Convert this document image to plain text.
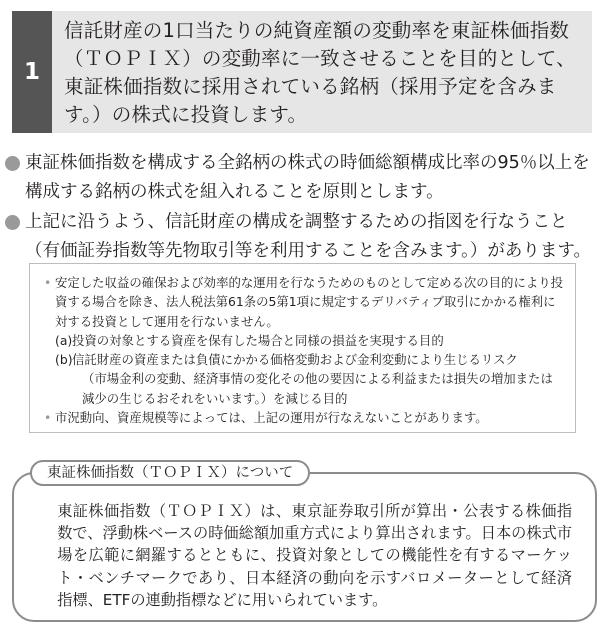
1
信託財産の1口当たりの純資産額の変動率を東証株価指数（ＴＯＰＩＸ）の変動率に一致させることを目的として、東証株価指数に採用されている銘柄（採用予定を含みます。）の株式に投資します。
東証株価指数を構成する全銘柄の株式の時価総額構成比率の95％以上を構成する銘柄の株式を組入れることを原則とします。
上記に沿うよう、信託財産の構成を調整するための指図を行なうこと（有価証券指数等先物取引等を利用することを含みます。）があります。
• 安定した収益の確保および効率的な運用を行なうためのものとして定める次の目的により投資する場合を除き、法人税法第61条の5第1項に規定するデリバティブ取引にかかる権利に対する投資として運用を行ないません。
(a) 投資の対象とする資産を保有した場合と同様の損益を実現する目的
(b) 信託財産の資産または負債にかかる価格変動および金利変動により生じるリスク
（市場金利の変動、経済事情の変化その他の要因による利益または損失の増加または減少の生じるおそれをいいます。）を減じる目的
• 市況動向、資産規模等によっては、上記の運用が行なえないことがあります。
東証株価指数（ＴＯＰＩＸ）について
東証株価指数（ＴＯＰＩＸ）は、東京証券取引所が算出・公表する株価指数で、浮動株ベースの時価総額加重方式により算出されます。日本の株式市場を広範に網羅するとともに、投資対象としての機能性を有するマーケット・ベンチマークであり、日本経済の動向を示すバロメーターとして経済指標、ETFの連動指標などに用いられています。
